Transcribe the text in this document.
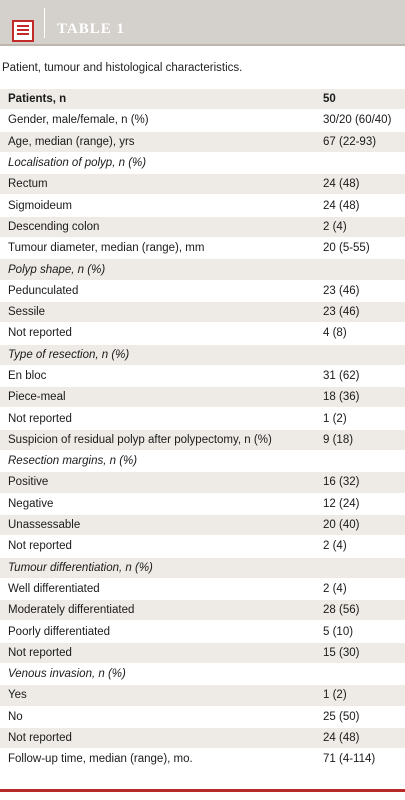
TABLE 1
Patient, tumour and histological characteristics.
Patients, n	50
Gender, male/female, n (%)	30/20 (60/40)
Age, median (range), yrs	67 (22-93)
Localisation of polyp, n (%)
Rectum	24 (48)
Sigmoideum	24 (48)
Descending colon	2 (4)
Tumour diameter, median (range), mm	20 (5-55)
Polyp shape, n (%)
Pedunculated	23 (46)
Sessile	23 (46)
Not reported	4 (8)
Type of resection, n (%)
En bloc	31 (62)
Piece-meal	18 (36)
Not reported	1 (2)
Suspicion of residual polyp after polypectomy, n (%)	9 (18)
Resection margins, n (%)
Positive	16 (32)
Negative	12 (24)
Unassessable	20 (40)
Not reported	2 (4)
Tumour differentiation, n (%)
Well differentiated	2 (4)
Moderately differentiated	28 (56)
Poorly differentiated	5 (10)
Not reported	15 (30)
Venous invasion, n (%)
Yes	1 (2)
No	25 (50)
Not reported	24 (48)
Follow-up time, median (range), mo.	71 (4-114)
